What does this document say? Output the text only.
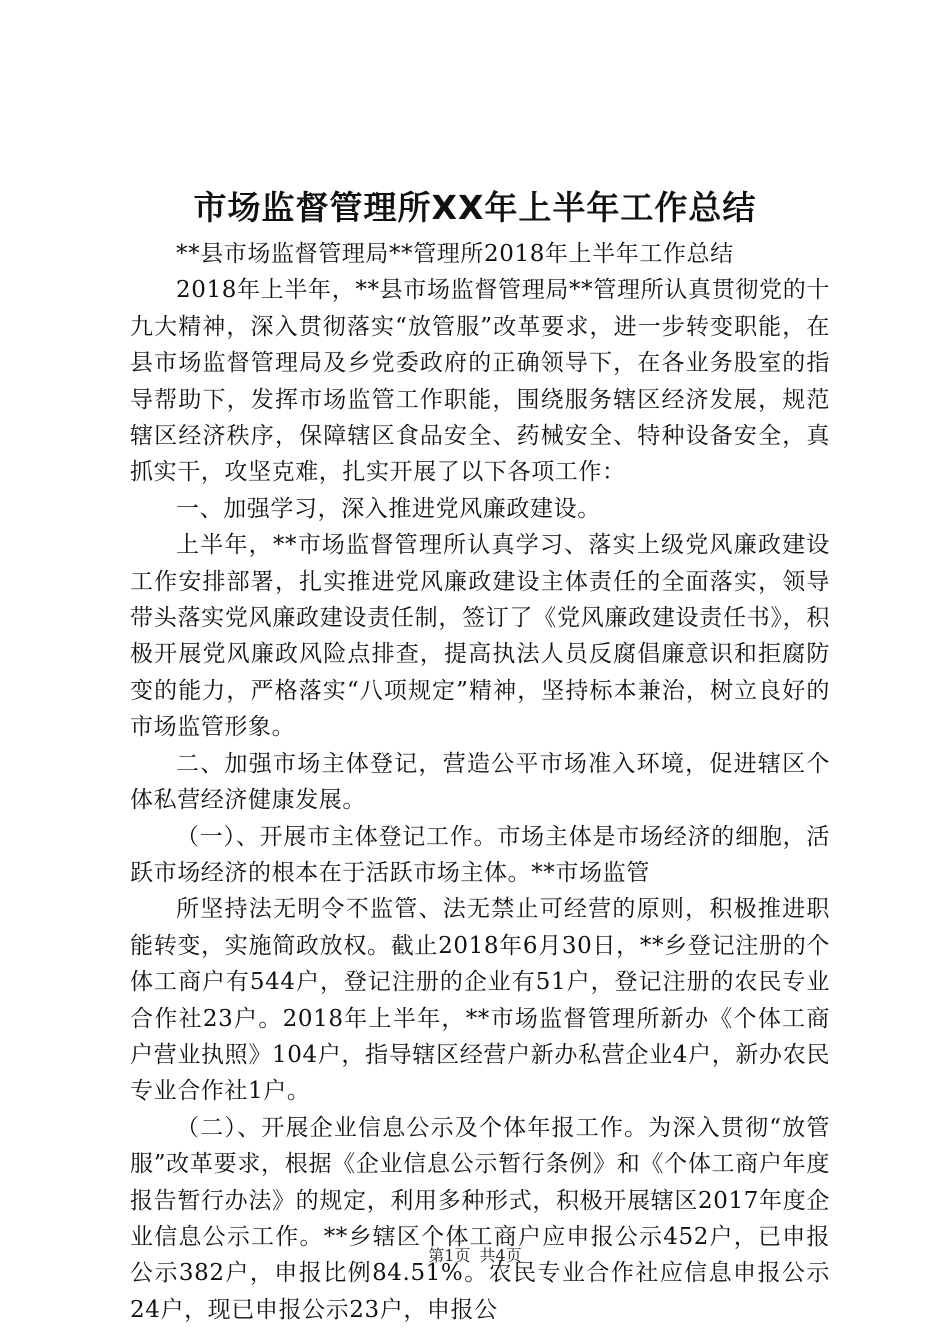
市场监督管理所XX年上半年工作总结

**县市场监督管理局**管理所2018年上半年工作总结

2018年上半年，**县市场监督管理局**管理所认真贯彻党的十九大精神，深入贯彻落实“放管服”改革要求，进一步转变职能，在县市场监督管理局及乡党委政府的正确领导下，在各业务股室的指导帮助下，发挥市场监管工作职能，围绕服务辖区经济发展，规范辖区经济秩序，保障辖区食品安全、药械安全、特种设备安全，真抓实干，攻坚克难，扎实开展了以下各项工作：

一、加强学习，深入推进党风廉政建设。

上半年，**市场监督管理所认真学习、落实上级党风廉政建设工作安排部署，扎实推进党风廉政建设主体责任的全面落实，领导带头落实党风廉政建设责任制，签订了《党风廉政建设责任书》，积极开展党风廉政风险点排查，提高执法人员反腐倡廉意识和拒腐防变的能力，严格落实“八项规定”精神，坚持标本兼治，树立良好的市场监管形象。

二、加强市场主体登记，营造公平市场准入环境，促进辖区个体私营经济健康发展。

（一）、开展市主体登记工作。市场主体是市场经济的细胞，活跃市场经济的根本在于活跃市场主体。**市场监管

所坚持法无明令不监管、法无禁止可经营的原则，积极推进职能转变，实施简政放权。截止2018年6月30日，**乡登记注册的个体工商户有544户，登记注册的企业有51户，登记注册的农民专业合作社23户。2018年上半年，**市场监督管理所新办《个体工商户营业执照》104户，指导辖区经营户新办私营企业4户，新办农民专业合作社1户。

（二）、开展企业信息公示及个体年报工作。为深入贯彻“放管服”改革要求，根据《企业信息公示暂行条例》和《个体工商户年度报告暂行办法》的规定，利用多种形式，积极开展辖区2017年度企业信息公示工作。**乡辖区个体工商户应申报公示452户，已申报公示382户，申报比例84.51%。农民专业合作社应信息申报公示24户，现已申报公示23户，申报公

第1页 共4页
